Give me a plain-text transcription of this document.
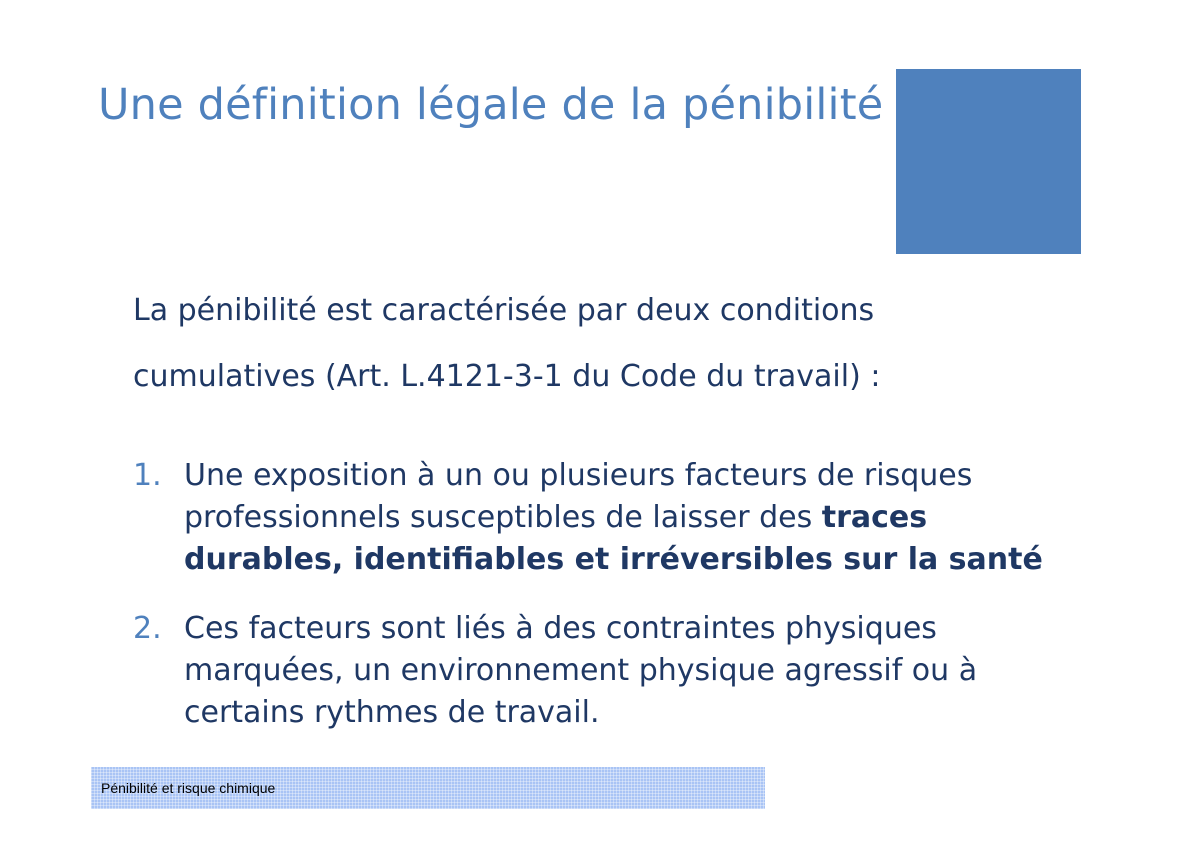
Une définition légale de la pénibilité

La pénibilité est caractérisée par deux conditions

cumulatives (Art. L.4121-3-1 du Code du travail) :

1. Une exposition à un ou plusieurs facteurs de risques professionnels susceptibles de laisser des traces durables, identifiables et irréversibles sur la santé
2. Ces facteurs sont liés à des contraintes physiques marquées, un environnement physique agressif ou à certains rythmes de travail.
Pénibilité et risque chimique
